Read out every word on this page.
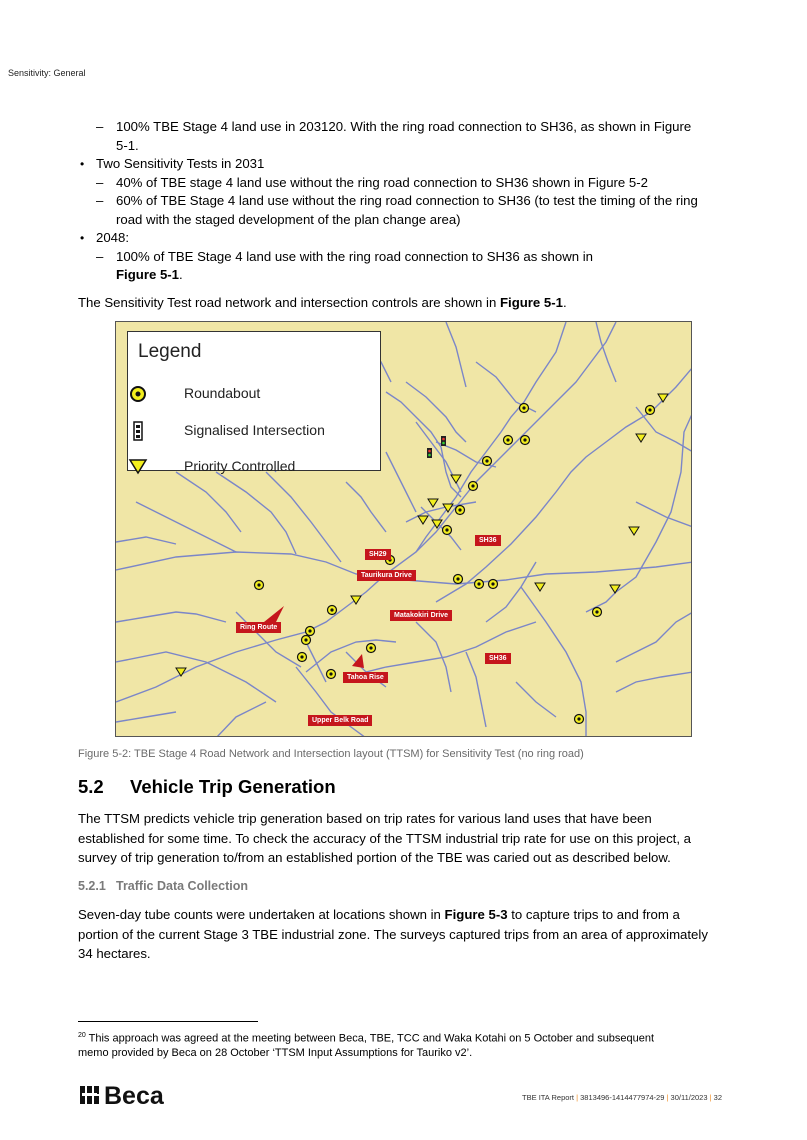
Sensitivity: General
– 100% TBE Stage 4 land use in 203120. With the ring road connection to SH36, as shown in Figure
5-1.
• Two Sensitivity Tests in 2031
– 40% of TBE stage 4 land use without the ring road connection to SH36 shown in Figure 5-2
– 60% of TBE Stage 4 land use without the ring road connection to SH36 (to test the timing of the ring
road with the staged development of the plan change area)
• 2048:
– 100% of TBE Stage 4 land use with the ring road connection to SH36 as shown in
Figure 5-1.
The Sensitivity Test road network and intersection controls are shown in Figure 5-1.
Legend
Roundabout
Signalised Intersection
Priority Controlled
SH29
Taurikura Drive
SH36
Ring Route
Matakokiri Drive
SH36
Tahoa Rise
Upper Belk Road
Figure 5-2: TBE Stage 4 Road Network and Intersection layout (TTSM) for Sensitivity Test (no ring road)
5.2 Vehicle Trip Generation
The TTSM predicts vehicle trip generation based on trip rates for various land uses that have been
established for some time. To check the accuracy of the TTSM industrial trip rate for use on this project, a
survey of trip generation to/from an established portion of the TBE was caried out as described below.
5.2.1 Traffic Data Collection
Seven-day tube counts were undertaken at locations shown in Figure 5-3 to capture trips to and from a
portion of the current Stage 3 TBE industrial zone. The surveys captured trips from an area of approximately
34 hectares.
$^{20}$ This approach was agreed at the meeting between Beca, TBE, TCC and Waka Kotahi on 5 October and subsequent
memo provided by Beca on 28 October ‘TTSM Input Assumptions for Tauriko v2’.
Beca	TBE ITA Report | 3813496-1414477974-29 | 30/11/2023 | 32
